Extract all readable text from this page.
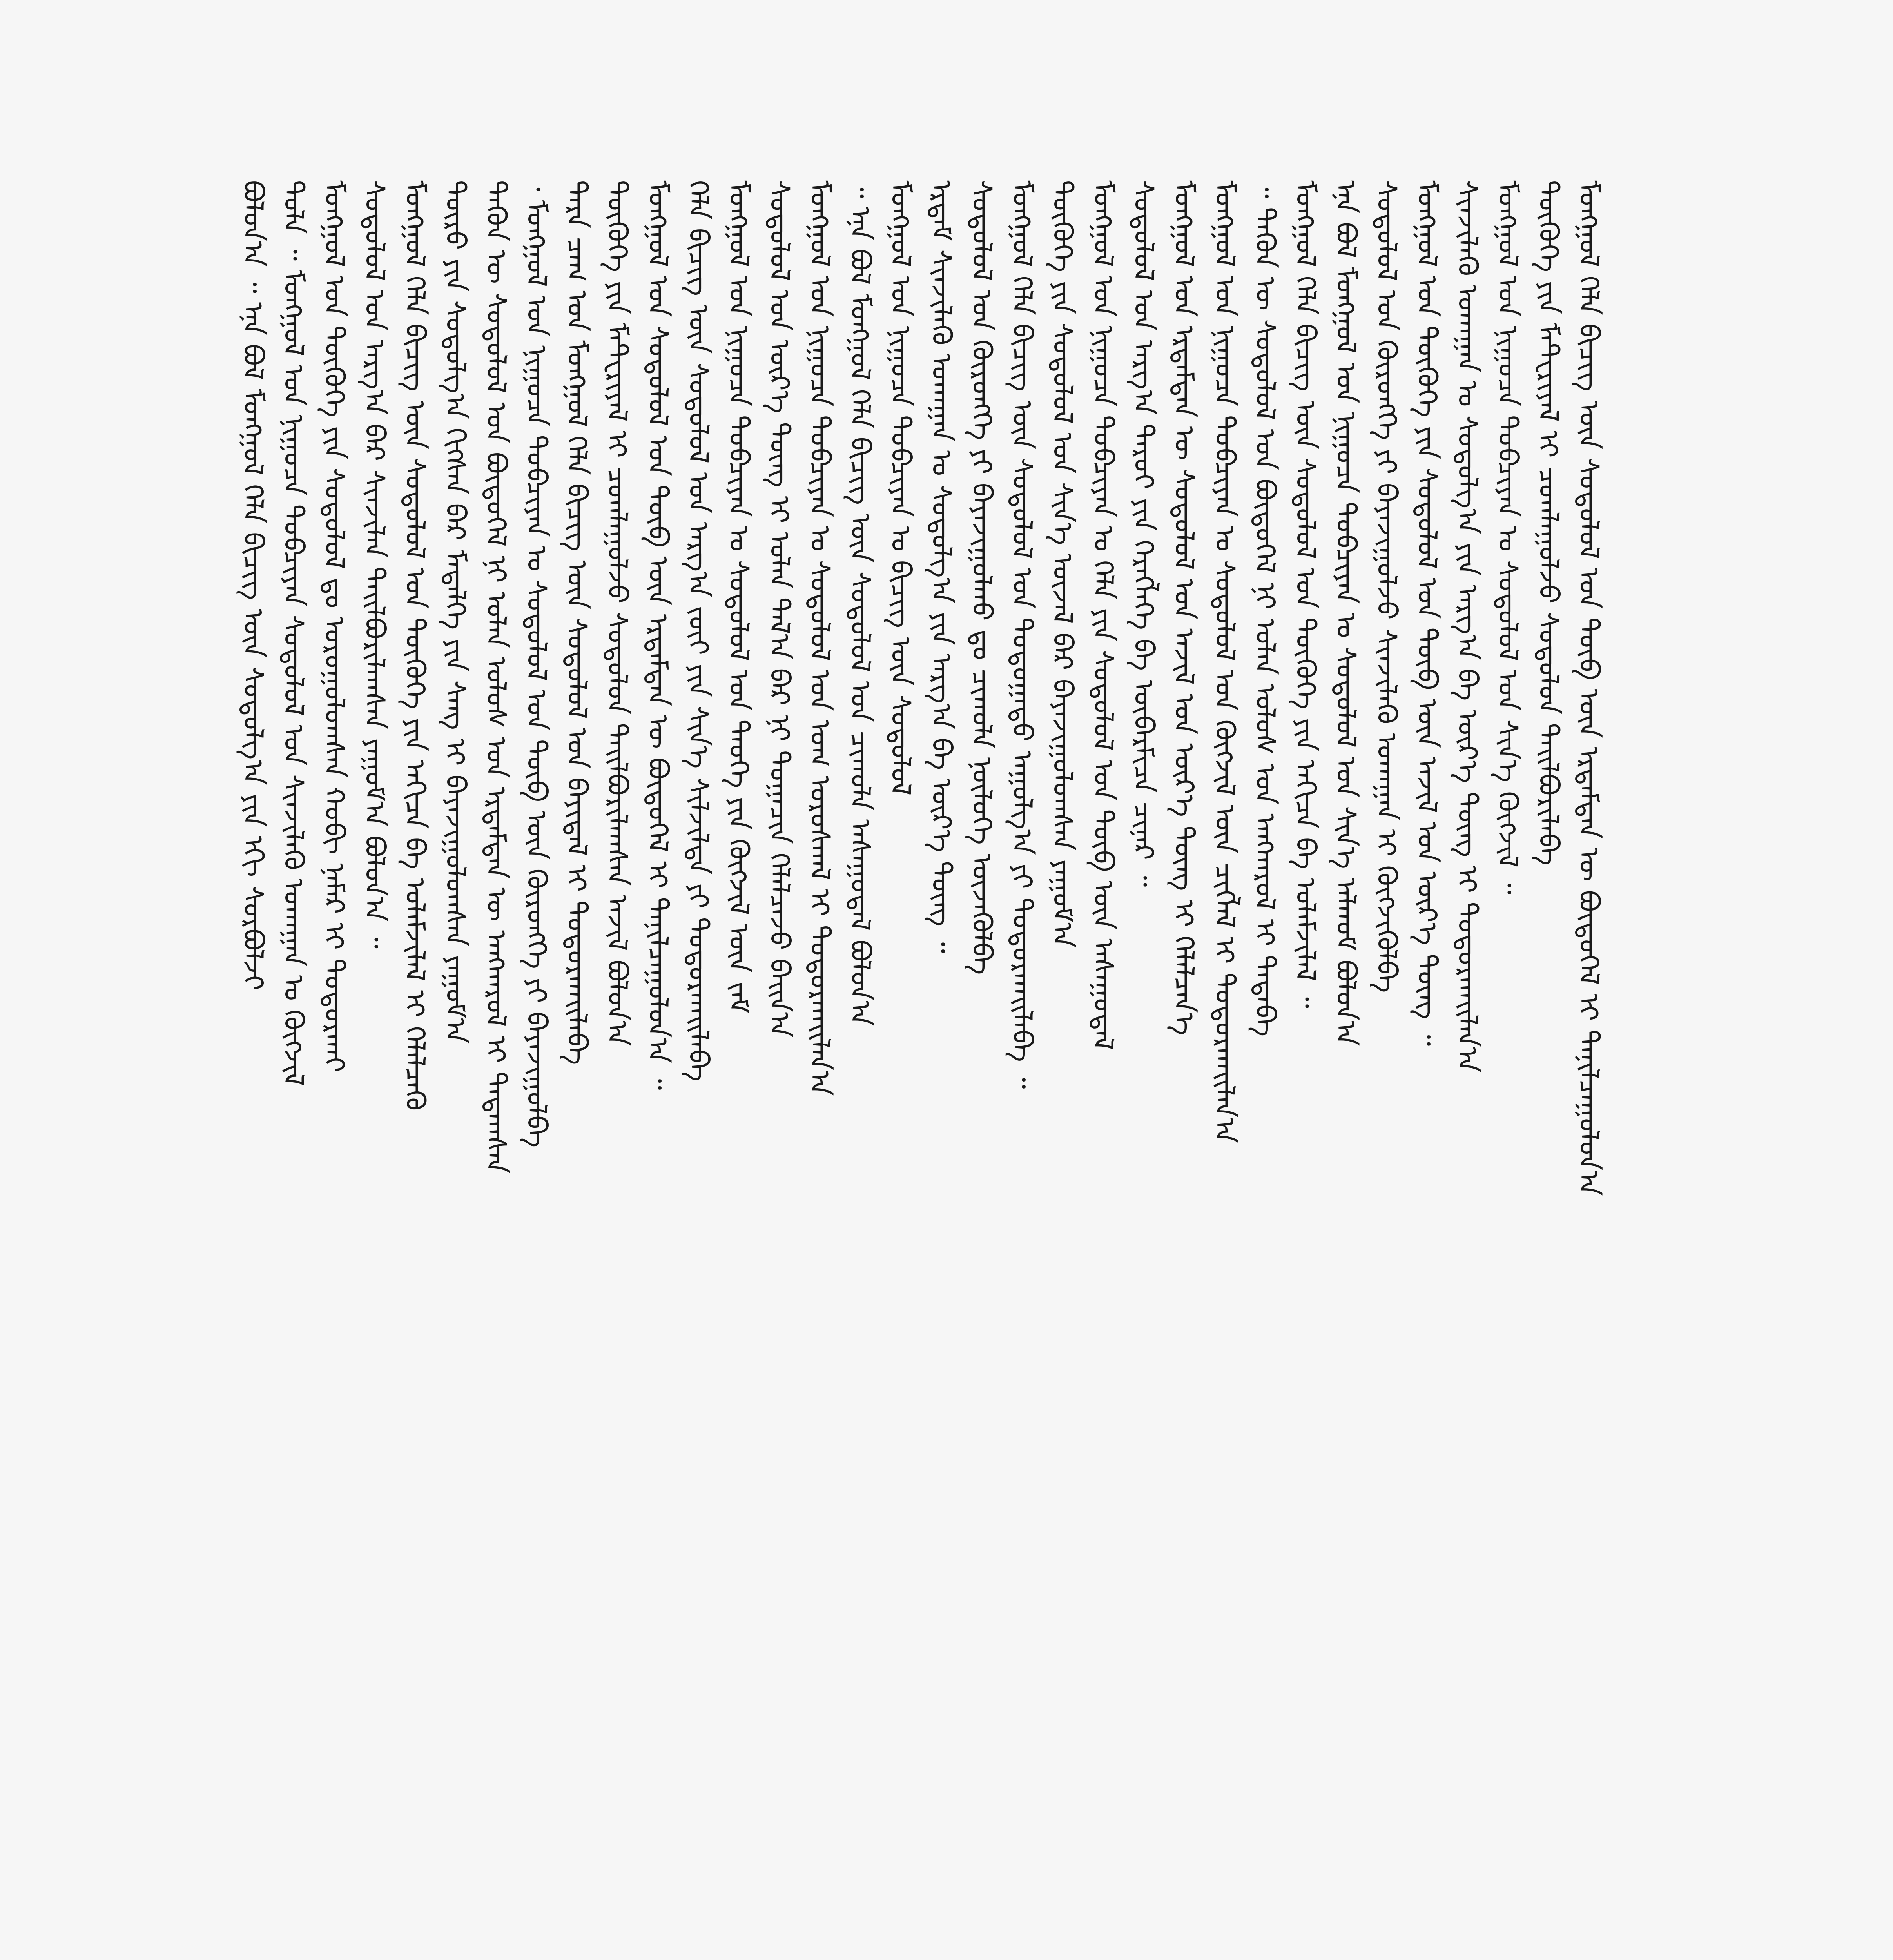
ᠪᠣᠯᠤᠨ᠎ᠠ ᠃ ᠡᠨᠡ ᠪᠣᠯ ᠮᠣᠩᠭᠣᠯ ᠬᠡᠯᠡ ᠪᠢᠴᠢᠭ ᠦᠨ ᠰᠤᠳᠤᠯᠭ᠎ᠠ ᠶᠢᠨ ᠡᠬᠢ ᠰᠤᠷᠪᠤᠯᠵᠢ ᠲᠤᠯᠠ ᠃ ᠮᠣᠩᠭᠣᠯ ᠤᠨ ᠨᠢᠭᠤᠴᠠ ᠲᠣᠪᠴᠢᠶᠠᠨ ᠰᠤᠳᠤᠯᠤᠯ ᠤᠨ ᠰᠢᠨᠵᠢᠯᠡᠬᠦ ᠤᠬᠠᠭᠠᠨ ᠤ ᠬᠥᠭᠵᠢᠯ ᠮᠣᠩᠭᠣᠯ ᠤᠨ ᠲᠦᠭᠦᠬᠡ ᠶᠢᠨ ᠰᠤᠳᠤᠯᠤᠯ ᠳᠤ ᠣᠷᠣᠭᠤᠯᠤᠭᠰᠠᠨ ᠬᠤᠪᠢ ᠨᠡᠮᠡᠷ ᠢ ᠲᠣᠳᠤᠷᠬᠠᠢ ᠰᠤᠳᠤᠯᠤᠯ ᠤᠨ ᠠᠷᠭ᠎ᠠ ᠪᠠᠷ ᠰᠢᠨᠵᠢᠯᠡᠨ ᠲᠠᠢᠯᠪᠤᠷᠢᠯᠠᠭᠰᠠᠨ ᠶᠠᠭᠤᠮ᠎ᠠ ᠪᠣᠯᠤᠨ᠎ᠠ ᠃ ᠮᠣᠩᠭᠣᠯ ᠬᠡᠯᠡ ᠪᠢᠴᠢᠭ ᠦᠨ ᠰᠤᠳᠤᠯᠤᠯ ᠤᠨ ᠲᠦᠭᠦᠬᠡ ᠶᠢᠨ ᠠᠬᠢᠴᠠ ᠪᠠ ᠤᠯᠠᠮᠵᠢᠯᠠᠯ ᠢ ᠬᠡᠯᠡᠯᠴᠡᠬᠦ ᠲᠥᠷᠥ ᠶᠢᠨ ᠰᠤᠳᠤᠯᠭ᠎ᠠ ᠬᠢᠭᠰᠡᠨ ᠪᠠᠷ ᠮᠡᠳᠡᠯᠭᠡ ᠶᠢᠨ ᠰᠠᠩ ᠢ ᠪᠠᠶᠠᠵᠢᠭᠤᠯᠤᠭᠰᠠᠨ ᠶᠠᠭᠤᠮ᠎ᠠ ᠲᠡᠭᠦᠨ ᠦ ᠰᠤᠳᠤᠯᠤᠯ ᠤᠨ ᠪᠦᠲᠦᠭᠡᠯ ᠨᠢ ᠣᠯᠠᠨ ᠤᠯᠤᠰ ᠤᠨ ᠡᠷᠳᠡᠮᠲᠡᠨ ᠦ ᠠᠩᠬᠠᠷᠤᠯ ᠢ ᠲᠠᠲᠠᠭᠰᠠᠨ ᠂ ᠮᠣᠩᠭᠣᠯ ᠤᠨ ᠨᠢᠭᠤᠴᠠ ᠲᠣᠪᠴᠢᠶᠠᠨ ᠤ ᠰᠤᠳᠤᠯᠤᠯ ᠤᠨ ᠲᠦᠪ ᠦᠨ ᠬᠥᠷᠥᠩᠭᠡ ᠶᠢ ᠪᠠᠶᠠᠵᠢᠭᠤᠯᠪᠠ ᠲᠡᠷᠡ ᠴᠠᠭ ᠤᠨ ᠮᠣᠩᠭᠣᠯ ᠬᠡᠯᠡ ᠪᠢᠴᠢᠭ ᠦᠨ ᠰᠤᠳᠤᠯᠤᠯ ᠤᠨ ᠪᠠᠶᠢᠳᠠᠯ ᠢ ᠲᠣᠳᠤᠷᠬᠠᠢᠯᠠᠪᠠ ᠲᠦᠭᠦᠬᠡ ᠶᠢᠨ ᠮᠠᠲ᠋ᠧᠷᠢᠶᠠᠯ ᠢ ᠴᠤᠭᠯᠠᠭᠤᠯᠵᠤ ᠰᠤᠳᠤᠯᠤᠨ ᠲᠠᠢᠯᠪᠤᠷᠢᠯᠠᠭᠰᠠᠨ ᠠᠵᠢᠯ ᠪᠣᠯᠤᠨ᠎ᠠ ᠮᠣᠩᠭᠣᠯ ᠤᠨ ᠰᠤᠳᠤᠯᠤᠯ ᠤᠨ ᠲᠥᠪ ᠦᠨ ᠡᠷᠳᠡᠮᠲᠡᠨ ᠦ ᠪᠦᠲᠦᠭᠡᠯ ᠢ ᠲᠠᠨᠢᠯᠴᠠᠭᠤᠯᠤᠨ᠎ᠠ ᠃ ᠬᠡᠯᠡ ᠪᠢᠴᠢᠭ ᠦᠨ ᠰᠤᠳᠤᠯᠤᠯ ᠤᠨ ᠠᠷᠭ᠎ᠠ ᠵᠦᠢ ᠶᠢᠨ ᠰᠢᠨ᠎ᠡ ᠰᠢᠯᠵᠢᠯᠲᠡ ᠶᠢ ᠲᠣᠳᠤᠷᠬᠠᠢᠯᠠᠪᠠ ᠮᠣᠩᠭᠣᠯ ᠤᠨ ᠨᠢᠭᠤᠴᠠ ᠲᠣᠪᠴᠢᠶᠠᠨ ᠤ ᠰᠤᠳᠤᠯᠤᠯ ᠤᠨ ᠲᠡᠦᠬᠡ ᠶᠢᠨ ᠬᠥᠭᠵᠢᠯ ᠦᠨ ᠵᠠᠮ ᠰᠤᠳᠤᠯᠤᠯ ᠤᠨ ᠦᠷ᠎ᠡ ᠳᠦᠩ ᠢ ᠣᠯᠠᠨ ᠲᠠᠯ᠎ᠠ ᠪᠠᠷ ᠨᠢ ᠲᠣᠭᠠᠴᠢᠨ ᠬᠡᠯᠡᠯᠴᠡᠵᠦ ᠪᠠᠢᠨ᠎ᠠ ᠮᠣᠩᠭᠣᠯ ᠤᠨ ᠨᠢᠭᠤᠴᠠ ᠲᠣᠪᠴᠢᠶᠠᠨ ᠤ ᠰᠤᠳᠤᠯᠤᠯ ᠤᠨ ᠤᠭ ᠤᠷᠤᠰᠬᠠᠯ ᠢ ᠲᠣᠳᠤᠷᠬᠠᠢᠯᠠᠨ᠎ᠠ ᠃ ᠡᠨᠡ ᠪᠣᠯ ᠮᠣᠩᠭᠣᠯ ᠬᠡᠯᠡ ᠪᠢᠴᠢᠭ ᠦᠨ ᠰᠤᠳᠤᠯᠤᠯ ᠤᠨ ᠴᠢᠬᠤᠯᠠ ᠠᠰᠠᠭᠤᠳᠠᠯ ᠪᠣᠯᠤᠨ᠎ᠠ ᠮᠣᠩᠭᠣᠯ ᠤᠨ ᠨᠢᠭᠤᠴᠠ ᠲᠣᠪᠴᠢᠶᠠᠨ ᠤ ᠪᠢᠴᠢᠭ ᠦᠨ ᠰᠤᠳᠤᠯᠤᠯ ᠡᠷᠳᠡᠮ ᠰᠢᠨᠵᠢᠯᠡᠬᠦ ᠤᠬᠠᠭᠠᠨ ᠤ ᠰᠤᠳᠤᠯᠭ᠎ᠠ ᠶᠢᠨ ᠠᠷᠭ᠎ᠠ ᠪᠠ ᠦᠷ᠎ᠡ ᠳᠦᠩ ᠃ ᠰᠤᠳᠤᠯᠤᠯ ᠤᠨ ᠬᠥᠷᠥᠩᠭᠡ ᠶᠢ ᠪᠠᠶᠠᠵᠢᠭᠤᠯᠬᠤ ᠳᠤ ᠴᠢᠬᠤᠯᠠ ᠨᠥᠯᠥᠭᠡ ᠦᠵᠡᠭᠦᠯᠪᠡ ᠮᠣᠩᠭᠣᠯ ᠬᠡᠯᠡ ᠪᠢᠴᠢᠭ ᠦᠨ ᠰᠤᠳᠤᠯᠤᠯ ᠤᠨ ᠳᠣᠲᠣᠭᠠᠳᠤ ᠠᠭᠤᠯᠭ᠎ᠠ ᠶᠢ ᠲᠣᠳᠤᠷᠬᠠᠢᠯᠠᠪᠠ ᠃ ᠲᠦᠭᠦᠬᠡ ᠶᠢᠨ ᠰᠤᠳᠤᠯᠤᠯ ᠤᠨ ᠰᠢᠨ᠎ᠡ ᠦᠵᠡᠯ ᠪᠠᠷ ᠪᠠᠶᠠᠵᠢᠭᠤᠯᠤᠭᠰᠠᠨ ᠶᠠᠭᠤᠮ᠎ᠠ ᠮᠣᠩᠭᠣᠯ ᠤᠨ ᠨᠢᠭᠤᠴᠠ ᠲᠣᠪᠴᠢᠶᠠᠨ ᠤ ᠬᠡᠯᠡ ᠶᠢᠨ ᠰᠤᠳᠤᠯᠤᠯ ᠤᠨ ᠲᠦᠪ ᠦᠨ ᠠᠰᠠᠭᠤᠳᠠᠯ ᠰᠤᠳᠤᠯᠤᠯ ᠤᠨ ᠠᠷᠭ᠎ᠠ ᠳᠠᠷᠤᠢ ᠶᠢᠨ ᠬᠡᠷᠡᠭᠯᠡᠭᠡ ᠪᠠ ᠥᠪᠡᠷᠮᠢᠴᠡ ᠴᠢᠨᠠᠷ ᠃ ᠮᠣᠩᠭᠣᠯ ᠤᠨ ᠡᠷᠳᠡᠮᠲᠡᠨ ᠦ ᠰᠤᠳᠤᠯᠤᠯ ᠤᠨ ᠠᠵᠢᠯ ᠤᠨ ᠦᠷ᠎ᠡ ᠳᠦᠩ ᠢ ᠬᠡᠯᠡᠯᠴᠡᠨ᠎ᠡ ᠮᠣᠩᠭᠣᠯ ᠤᠨ ᠨᠢᠭᠤᠴᠠ ᠲᠣᠪᠴᠢᠶᠠᠨ ᠤ ᠰᠤᠳᠤᠯᠤᠯ ᠤᠨ ᠬᠥᠭᠵᠢᠯ ᠦᠨ ᠴᠢᠭᠯᠡᠯ ᠢ ᠲᠣᠳᠤᠷᠬᠠᠢᠯᠠᠨ᠎ᠠ ᠃ ᠲᠡᠭᠦᠨ ᠦ ᠰᠤᠳᠤᠯᠤᠯ ᠤᠨ ᠪᠦᠲᠦᠭᠡᠯ ᠨᠢ ᠣᠯᠠᠨ ᠤᠯᠤᠰ ᠤᠨ ᠠᠩᠬᠠᠷᠤᠯ ᠢ ᠲᠠᠲᠠᠪᠠ ᠮᠣᠩᠭᠣᠯ ᠬᠡᠯᠡ ᠪᠢᠴᠢᠭ ᠦᠨ ᠰᠤᠳᠤᠯᠤᠯ ᠤᠨ ᠲᠦᠭᠦᠬᠡ ᠶᠢᠨ ᠠᠬᠢᠴᠠ ᠪᠠ ᠤᠯᠠᠮᠵᠢᠯᠠᠯ ᠃ ᠡᠨᠡ ᠪᠣᠯ ᠮᠣᠩᠭᠣᠯ ᠤᠨ ᠨᠢᠭᠤᠴᠠ ᠲᠣᠪᠴᠢᠶᠠᠨ ᠤ ᠰᠤᠳᠤᠯᠤᠯ ᠤᠨ ᠰᠢᠨ᠎ᠡ ᠠᠯᠬᠤᠮ ᠪᠣᠯᠤᠨ᠎ᠠ ᠰᠤᠳᠤᠯᠤᠯ ᠤᠨ ᠬᠥᠷᠥᠩᠭᠡ ᠶᠢ ᠪᠠᠶᠠᠵᠢᠭᠤᠯᠵᠤ ᠰᠢᠨᠵᠢᠯᠡᠬᠦ ᠤᠬᠠᠭᠠᠨ ᠢ ᠬᠥᠭᠵᠢᠭᠦᠯᠪᠡ ᠮᠣᠩᠭᠣᠯ ᠤᠨ ᠲᠦᠭᠦᠬᠡ ᠶᠢᠨ ᠰᠤᠳᠤᠯᠤᠯ ᠤᠨ ᠲᠥᠪ ᠦᠨ ᠠᠵᠢᠯ ᠤᠨ ᠦᠷ᠎ᠡ ᠳᠦᠩ ᠃ ᠰᠢᠨᠵᠢᠯᠡᠬᠦ ᠤᠬᠠᠭᠠᠨ ᠤ ᠰᠤᠳᠤᠯᠭ᠎ᠠ ᠶᠢᠨ ᠠᠷᠭ᠎ᠠ ᠪᠠ ᠦᠷ᠎ᠡ ᠳᠦᠩ ᠢ ᠲᠣᠳᠤᠷᠬᠠᠢᠯᠠᠨ᠎ᠠ ᠮᠣᠩᠭᠣᠯ ᠤᠨ ᠨᠢᠭᠤᠴᠠ ᠲᠣᠪᠴᠢᠶᠠᠨ ᠤ ᠰᠤᠳᠤᠯᠤᠯ ᠤᠨ ᠰᠢᠨ᠎ᠡ ᠬᠥᠭᠵᠢᠯ ᠃ ᠲᠦᠭᠦᠬᠡ ᠶᠢᠨ ᠮᠠᠲ᠋ᠧᠷᠢᠶᠠᠯ ᠢ ᠴᠤᠭᠯᠠᠭᠤᠯᠵᠤ ᠰᠤᠳᠤᠯᠤᠨ ᠲᠠᠢᠯᠪᠤᠷᠢᠯᠠᠪᠠ ᠮᠣᠩᠭᠣᠯ ᠬᠡᠯᠡ ᠪᠢᠴᠢᠭ ᠦᠨ ᠰᠤᠳᠤᠯᠤᠯ ᠤᠨ ᠲᠥᠪ ᠦᠨ ᠡᠷᠳᠡᠮᠲᠡᠨ ᠦ ᠪᠦᠲᠦᠭᠡᠯ ᠢ ᠲᠠᠨᠢᠯᠴᠠᠭᠤᠯᠤᠨ᠎ᠠ
